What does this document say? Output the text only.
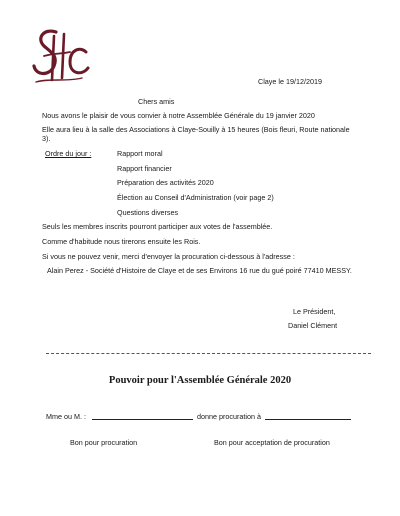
Claye le 19/12/2019
Chers amis
Nous avons le plaisir de vous convier à notre Assemblée Générale du 19 janvier 2020
Elle aura lieu à la salle des Associations à Claye-Souilly à 15 heures (Bois fleuri, Route nationale
3).
Ordre du jour :	Rapport moral
Rapport financier
Préparation des activités 2020
Élection au Conseil d'Administration (voir page 2)
Questions diverses
Seuls les membres inscrits pourront participer aux votes de l'assemblée.
Comme d'habitude nous tirerons ensuite les Rois.
Si vous ne pouvez venir, merci d'envoyer la procuration ci-dessous à l'adresse :
Alain Perez - Société d'Histoire de Claye et de ses Environs 16 rue du gué poiré 77410 MESSY.
Le Président,
Daniel Clément
Pouvoir pour l'Assemblée Générale 2020
Mme ou M. :	donne procuration à
Bon pour procuration	Bon pour acceptation de procuration
